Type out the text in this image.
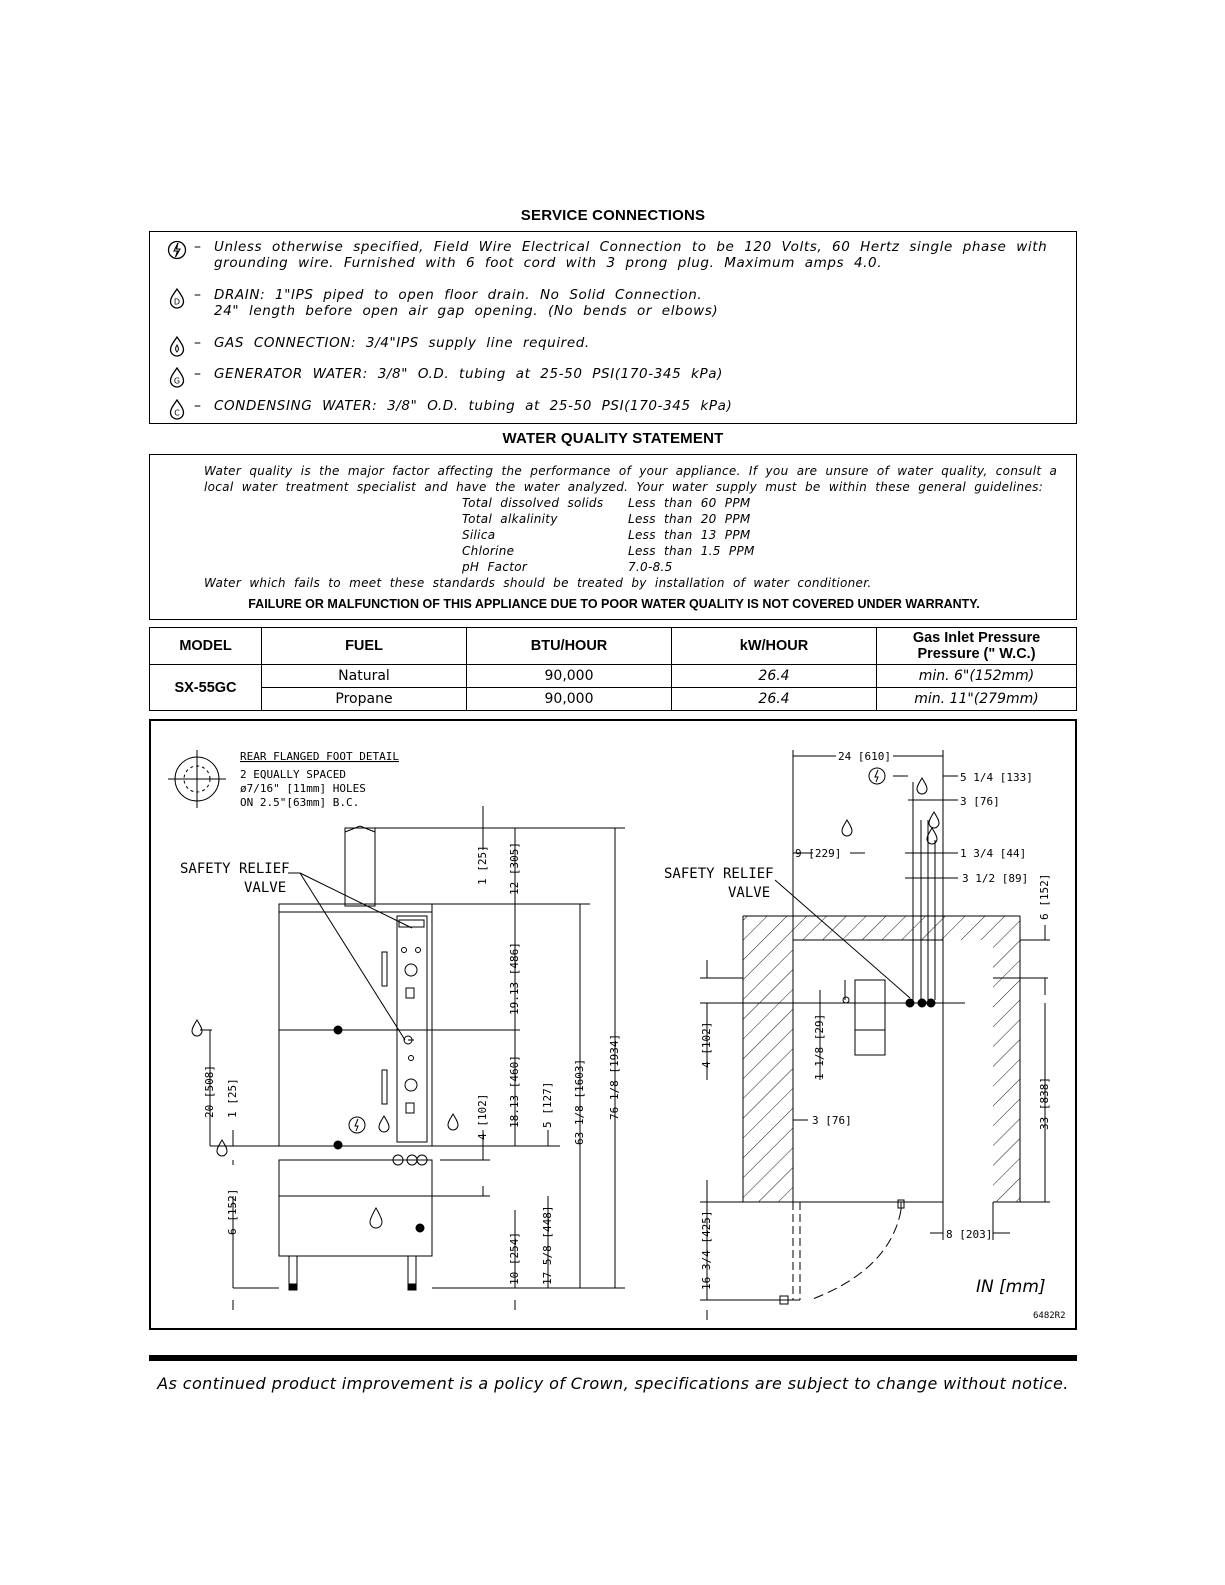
SERVICE CONNECTIONS
– Unless  otherwise  specified,  Field  Wire  Electrical  Connection  to  be  120  Volts,  60  Hertz  single  phase  with
grounding  wire.  Furnished  with  6  foot  cord  with  3  prong  plug.  Maximum  amps  4.0.
D – DRAIN:  1"IPS  piped  to  open  floor  drain.  No  Solid  Connection.
24"  length  before  open  air  gap  opening.  (No  bends  or  elbows)
– GAS  CONNECTION:  3/4"IPS  supply  line  required.
G – GENERATOR  WATER:  3/8"  O.D.  tubing  at  25-50  PSI(170-345  kPa)
C – CONDENSING  WATER:  3/8"  O.D.  tubing  at  25-50  PSI(170-345  kPa)
WATER QUALITY STATEMENT
Water  quality  is  the  major  factor  affecting  the  performance  of  your  appliance.  If  you  are  unsure  of  water  quality,  consult  a
local  water  treatment  specialist  and  have  the  water  analyzed.  Your  water  supply  must  be  within  these  general  guidelines:
Total  dissolved  solids Less  than  60  PPM
Total  alkalinity	Less  than  20  PPM
Silica	Less  than  13  PPM
Chlorine	Less  than  1.5  PPM
pH  Factor	7.0-8.5
Water  which  fails  to  meet  these  standards  should  be  treated  by  installation  of  water  conditioner.
FAILURE OR MALFUNCTION OF THIS APPLIANCE DUE TO POOR WATER QUALITY IS NOT COVERED UNDER WARRANTY.
MODEL	FUEL	BTU/HOUR	kW/HOUR	Gas Inlet Pressure
Pressure (" W.C.)

SX-55GC	Natural	90,000	26.4	min. 6"(152mm)
	Propane	90,000	26.4	min. 11"(279mm)
REAR FLANGED FOOT DETAIL
2 EQUALLY SPACED
ø7/16" [11mm] HOLES
ON 2.5"[63mm] B.C.
SAFETY RELIEF
VALVE
1 [25] 12 [305]
19.13 [486]
18.13 [460]
4 [102]	5 [127] 63 1/8 [1603] 76 1/8 [1934]
20 [508] 1 [25]
6 [152]
10 [254] 17 5/8 [448]
SAFETY RELIEF
VALVE
24 [610]
5 1/4 [133]
3 [76]
9 [229]	1 3/4 [44]
3 1/2 [89] 6 [152]
4 [102]	1 1/8 [29]
3 [76]	33 [838]
16 3/4 [425]	8 [203]
IN [mm]
6482R2
As continued product improvement is a policy of Crown, specifications are subject to change without notice.
